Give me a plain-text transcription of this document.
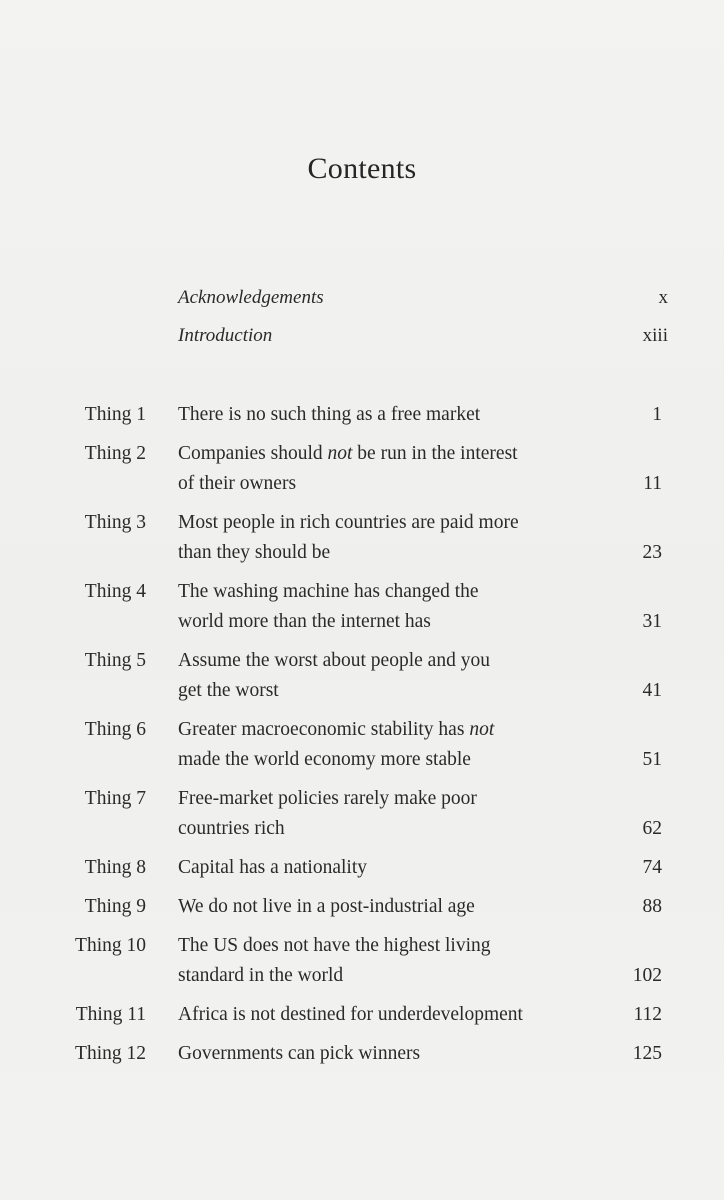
Contents
Acknowledgements	x
Introduction	xiii
Thing 1 There is no such thing as a free market	1
Thing 2 Companies should not be run in the interest
of their owners	11
Thing 3 Most people in rich countries are paid more
than they should be	23
Thing 4 The washing machine has changed the
world more than the internet has	31
Thing 5 Assume the worst about people and you
get the worst	41
Thing 6 Greater macroeconomic stability has not
made the world economy more stable	51
Thing 7 Free-market policies rarely make poor
countries rich	62
Thing 8 Capital has a nationality	74
Thing 9 We do not live in a post-industrial age	88
Thing 10 The US does not have the highest living
standard in the world	102
Thing 11 Africa is not destined for underdevelopment	112
Thing 12 Governments can pick winners	125
